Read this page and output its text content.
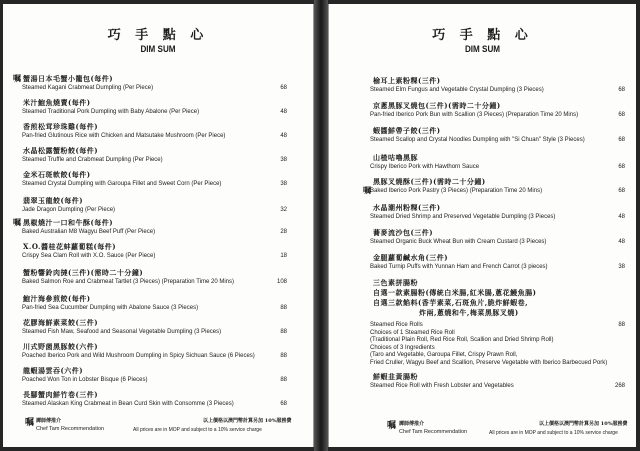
巧 手 點 心
DIM SUM
嘱 蟹湯日本毛蟹小籠包(每件)
Steamed Kagani Crabmeat Dumpling (Per Piece)	68
米汁鮑魚燒賣(每件)
Steamed Traditional Pork Dumpling with Baby Abalone (Per Piece)	48
香煎松茸珍珠雞(每件)
Pan-fried Glutinous Rice with Chicken and Matsutake Mushroom (Per Piece)	48
水晶松露蟹粉餃(每件)
Steamed Truffle and Crabmeat Dumpling (Per Piece)	38
金米石斑軟餃(每件)
Steamed Crystal Dumpling with Garoupa Fillet and Sweet Corn (Per Piece)	38
翡翠玉龍餃(每件)
Jade Dragon Dumpling (Per Piece)	32
嘱 黑椒燒汁一口和牛酥(每件)
Baked Australian M8 Wagyu Beef Puff (Per Piece)	28
X.O.醬桂花蚌蘿蔔糕(每件)
Crispy Sea Clam Roll with X.O. Sauce (Per Piece)	18
蟹粉響鈴肉撻(三件)(需時二十分鐘)
Baked Salmon Roe and Crabmeat Tartlet (3 Pieces) (Preparation Time 20 Mins)	108
鮑汁海參煎餃(每件)
Pan-fried Sea Cucumber Dumpling with Abalone Sauce (3 Pieces)	88
花膠海鮮素菜餃(三件)
Steamed Fish Maw, Seafood and Seasonal Vegetable Dumpling (3 Pieces)	88
川式野菌黑豚餃(六件)
Poached Iberico Pork and Wild Mushroom Dumpling in Spicy Sichuan Sauce (6 Pieces)	88
龍蝦湯雲吞(六件)
Poached Won Ton in Lobster Bisque (6 Pieces)	88
長腳蟹肉鮮竹卷(三件)
Steamed Alaskan King Crabmeat in Bean Curd Skin with Consomme (3 Pieces)	68
嘱 譚師傅推介
Chef Tam Recommendation
以上價格以澳門幣計算另加 10%服務費
All prices are in MOP and subject to a 10% service charge
巧 手 點 心
DIM SUM
榆耳上素粉粿(三件)
Steamed Elm Fungus and Vegetable Crystal Dumpling (3 Pieces)	68
京蔥黑豚叉燒包(三件)(需時二十分鐘)
Pan-fried Iberico Pork Bun with Scallion (3 Pieces) (Preparation Time 20 Mins)	68
蝦醬鮮帶子餃(三件)
Steamed Scallop and Crystal Noodles Dumpling with "Si Chuan" Style (3 Pieces)	68
山楂咕嚕黑豚
Crispy Iberico Pork with Hawthorn Sauce	68
嘱
黑豚叉燒酥(三件)(需時二十分鐘)
Baked Iberico Pork Pastry (3 Pieces) (Preparation Time 20 Mins)	68
水晶潮州粉粿(三件)
Steamed Dried Shrimp and Preserved Vegetable Dumpling (3 Pieces)	48
蕎麥流沙包(三件)
Steamed Organic Buck Wheat Bun with Cream Custard (3 Pieces)	48
金腿蘿蔔鹹水角(三件)
Baked Turnip Puffs with Yunnan Ham and French Carrot (3 pieces)	38
三色素拼腸粉
自選一款素腸粉(傳統白米腸,紅米腸,蔥花鰻魚腸)
自選三款餡料(香芋素菜,石斑魚片,脆炸鮮蝦卷,
炸兩,蔥燒和牛,梅菜黑豚叉燒)
Steamed Rice Rolls	88
Choices of 1 Steamed Rice Roll
(Traditional Plain Roll, Red Rice Roll, Scallion and Dried Shrimp Roll)
Choices of 3 Ingredients
(Taro and Vegetable, Garoupa Fillet, Crispy Prawn Roll,
Fried Cruller, Wagyu Beef and Scallion, Preserve Vegetable with Iberico Barbecued Pork)
鮮蝦韭黃腸粉
Steamed Rice Roll with Fresh Lobster and Vegetables	268
嘱 譚師傅推介
Chef Tam Recommendation
以上價格以澳門幣計算另加 10%服務費
All prices are in MOP and subject to a 10% service charge
